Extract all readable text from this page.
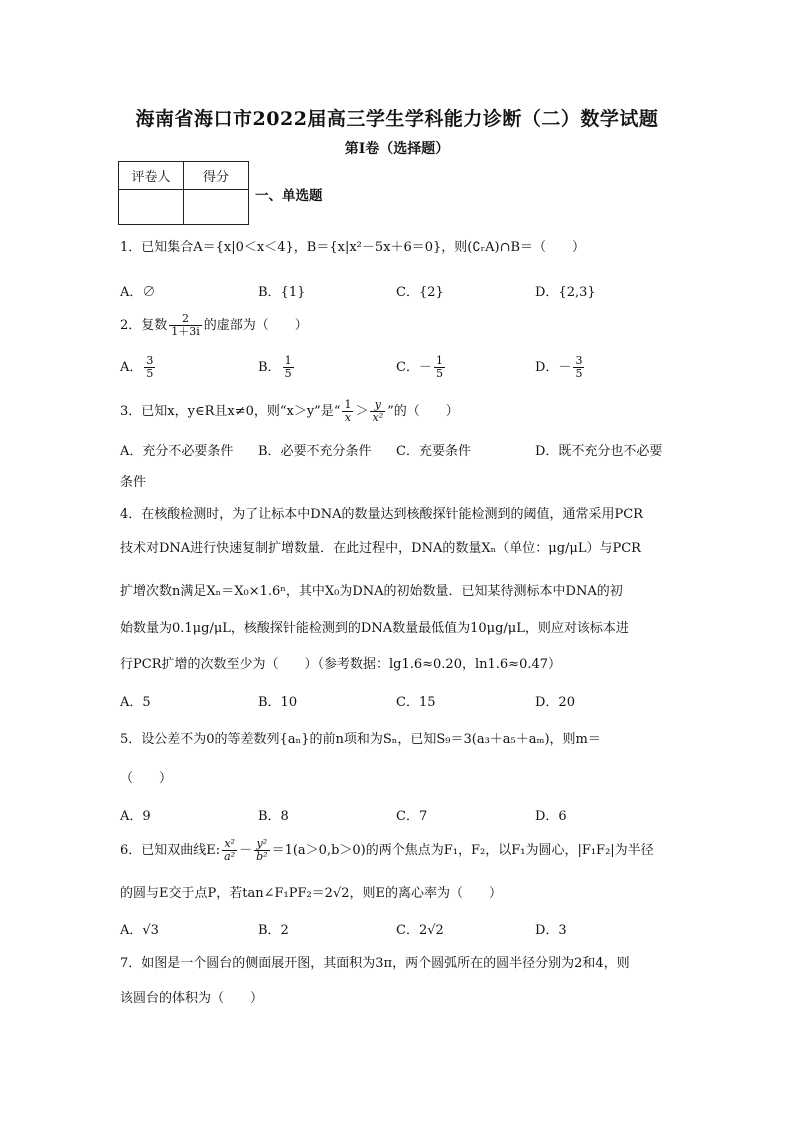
海南省海口市2022届高三学生学科能力诊断（二）数学试题
第I卷（选择题）
评卷人	得分

一、单选题
1．已知集合A＝{x|0＜x＜4}，B＝{x|x²－5x＋6＝0}，则(∁ᵣA)∩B＝（　　）
A．∅	B．{1}	C．{2}	D．{2,3}
2．复数 $\frac{2}{1+3i}$ 的虚部为（　　）
A． $\frac{3}{5}$	B． $\frac{1}{5}$	C．－ $\frac{1}{5}$	D．－ $\frac{3}{5}$
3．已知x，y∈R且x≠0，则“x＞y”是“ $\frac{1}{x} > \frac{y}{\text{x²}}$ ”的（　　）
A．充分不必要条件 B．必要不充分条件 C．充要条件	D．既不充分也不必要
条件
4．在核酸检测时，为了让标本中DNA的数量达到核酸探针能检测到的阈值，通常采用PCR
技术对DNA进行快速复制扩增数量．在此过程中，DNA的数量Xₙ（单位：μg/μL）与PCR
扩增次数n满足Xₙ＝X₀×1.6ⁿ，其中X₀为DNA的初始数量．已知某待测标本中DNA的初
始数量为0.1μg/μL，核酸探针能检测到的DNA数量最低值为10μg/μL，则应对该标本进
行PCR扩增的次数至少为（　　）（参考数据：lg1.6≈0.20，ln1.6≈0.47）
A．5	B．10	C．15	D．20
5．设公差不为0的等差数列{aₙ}的前n项和为Sₙ，已知S₉＝3(a₃＋a₅＋aₘ)，则m＝
（　　）
A．9	B．8	C．7	D．6
6．已知双曲线E: $\frac{\text{x²}}{\text{a²}} - \frac{\text{y²}}{\text{b²}} =1(a>0,b>0)$的两个焦点为F₁，F₂，以F₁为圆心，|F₁F₂|为半径
的圆与E交于点P，若tan∠F₁PF₂＝2√2，则E的离心率为（　　）
A．√3	B．2	C．2√2	D．3
7．如图是一个圆台的侧面展开图，其面积为3π，两个圆弧所在的圆半径分别为2和4，则
该圆台的体积为（　　）
